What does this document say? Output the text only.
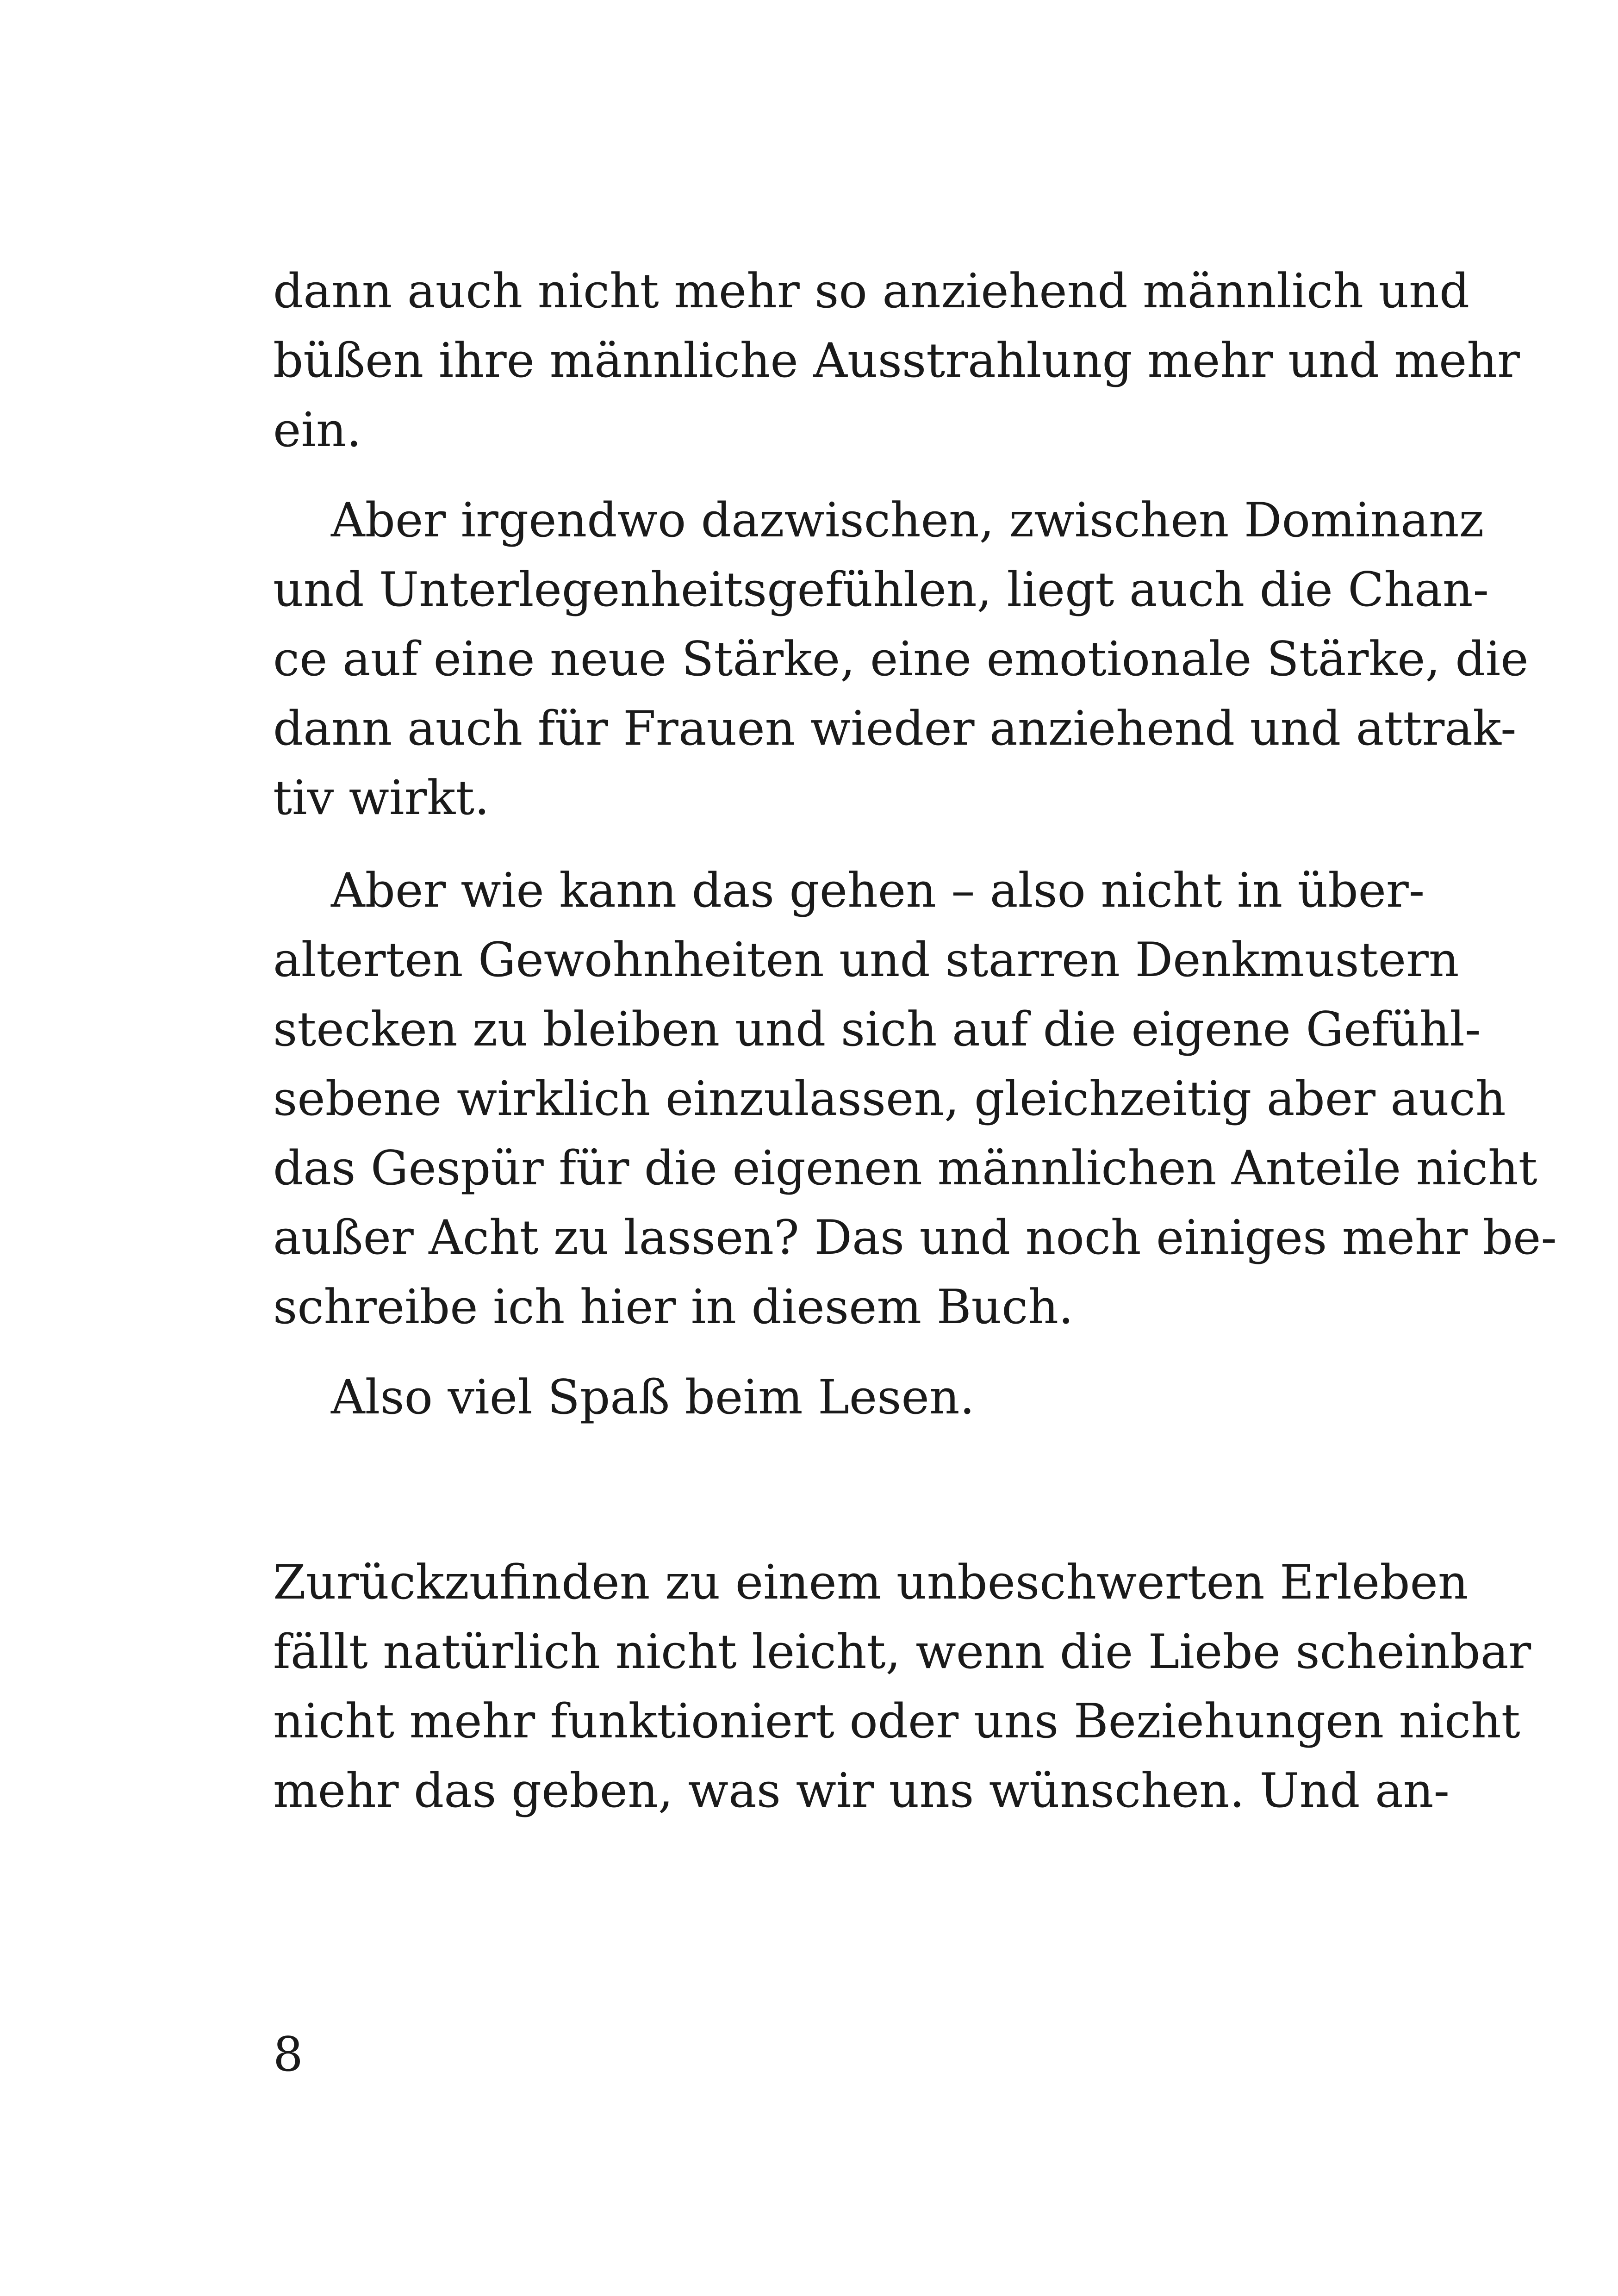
dann auch nicht mehr so anziehend männlich und
büßen ihre männliche Ausstrahlung mehr und mehr
ein.
Aber irgendwo dazwischen, zwischen Dominanz
und Unterlegenheitsgefühlen, liegt auch die Chan-
ce auf eine neue Stärke, eine emotionale Stärke, die
dann auch für Frauen wieder anziehend und attrak-
tiv wirkt.
Aber wie kann das gehen – also nicht in über-
alterten Gewohnheiten und starren Denkmustern
stecken zu bleiben und sich auf die eigene Gefühl-
sebene wirklich einzulassen, gleichzeitig aber auch
das Gespür für die eigenen männlichen Anteile nicht
außer Acht zu lassen? Das und noch einiges mehr be-
schreibe ich hier in diesem Buch.
Also viel Spaß beim Lesen.
Zurückzufinden zu einem unbeschwerten Erleben
fällt natürlich nicht leicht, wenn die Liebe scheinbar
nicht mehr funktioniert oder uns Beziehungen nicht
mehr das geben, was wir uns wünschen. Und an-
8
